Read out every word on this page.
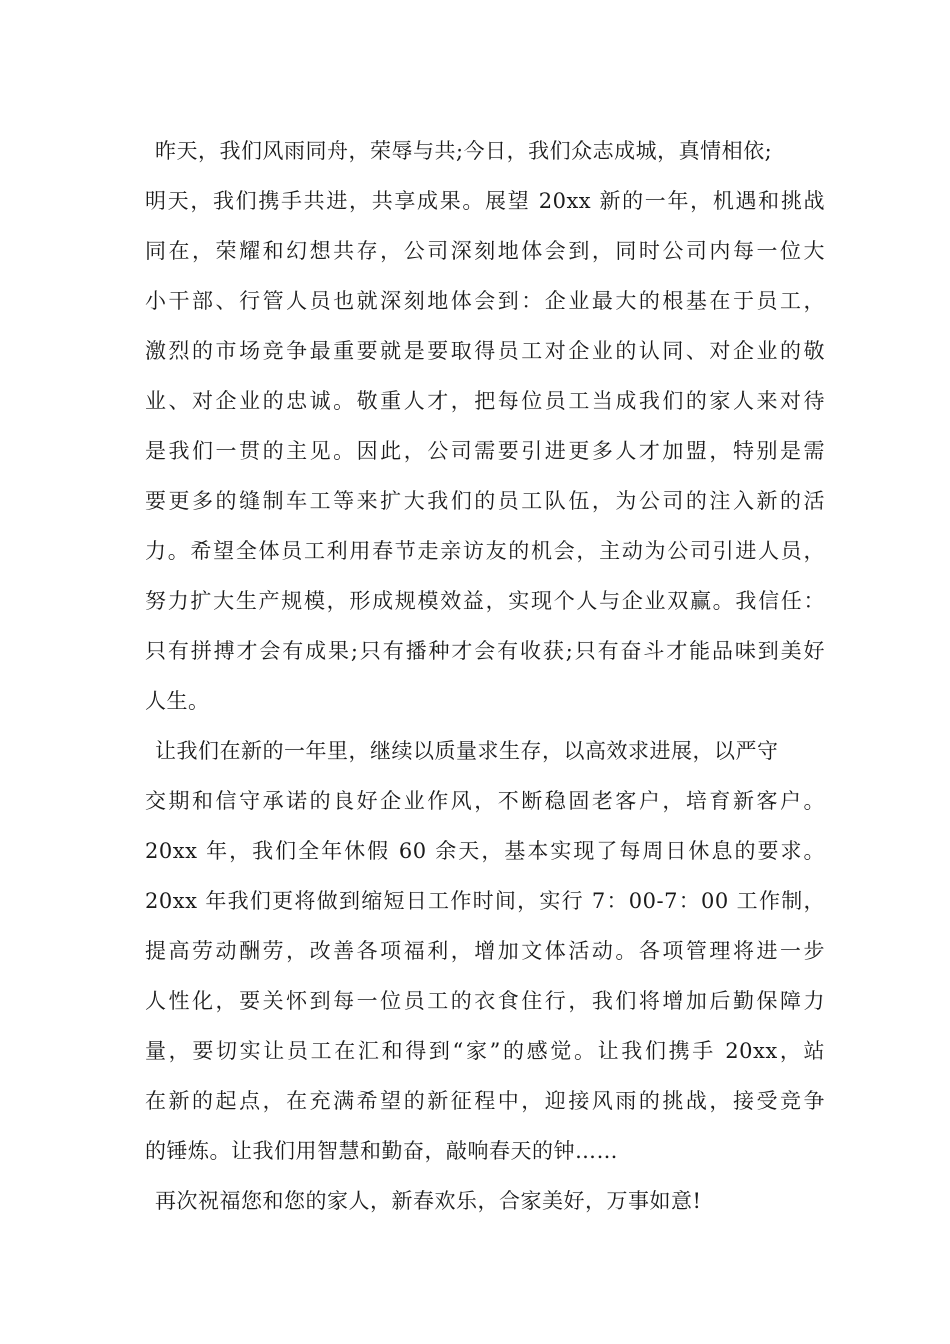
昨天，我们风雨同舟，荣辱与共;今日，我们众志成城，真情相依;
明天，我们携手共进，共享成果。展望 20xx 新的一年，机遇和挑战
同在，荣耀和幻想共存，公司深刻地体会到，同时公司内每一位大
小干部、行管人员也就深刻地体会到：企业最大的根基在于员工，
激烈的市场竞争最重要就是要取得员工对企业的认同、对企业的敬
业、对企业的忠诚。敬重人才，把每位员工当成我们的家人来对待
是我们一贯的主见。因此，公司需要引进更多人才加盟，特别是需
要更多的缝制车工等来扩大我们的员工队伍，为公司的注入新的活
力。希望全体员工利用春节走亲访友的机会，主动为公司引进人员，
努力扩大生产规模，形成规模效益，实现个人与企业双赢。我信任：
只有拼搏才会有成果;只有播种才会有收获;只有奋斗才能品味到美好
人生。
让我们在新的一年里，继续以质量求生存，以高效求进展，以严守
交期和信守承诺的良好企业作风，不断稳固老客户，培育新客户。
20xx 年，我们全年休假 60 余天，基本实现了每周日休息的要求。
20xx 年我们更将做到缩短日工作时间，实行 7：00-7：00 工作制，
提高劳动酬劳，改善各项福利，增加文体活动。各项管理将进一步
人性化，要关怀到每一位员工的衣食住行，我们将增加后勤保障力
量，要切实让员工在汇和得到“家”的感觉。让我们携手 20xx，站
在新的起点，在充满希望的新征程中，迎接风雨的挑战，接受竞争
的锤炼。让我们用智慧和勤奋，敲响春天的钟……
再次祝福您和您的家人，新春欢乐，合家美好，万事如意!
